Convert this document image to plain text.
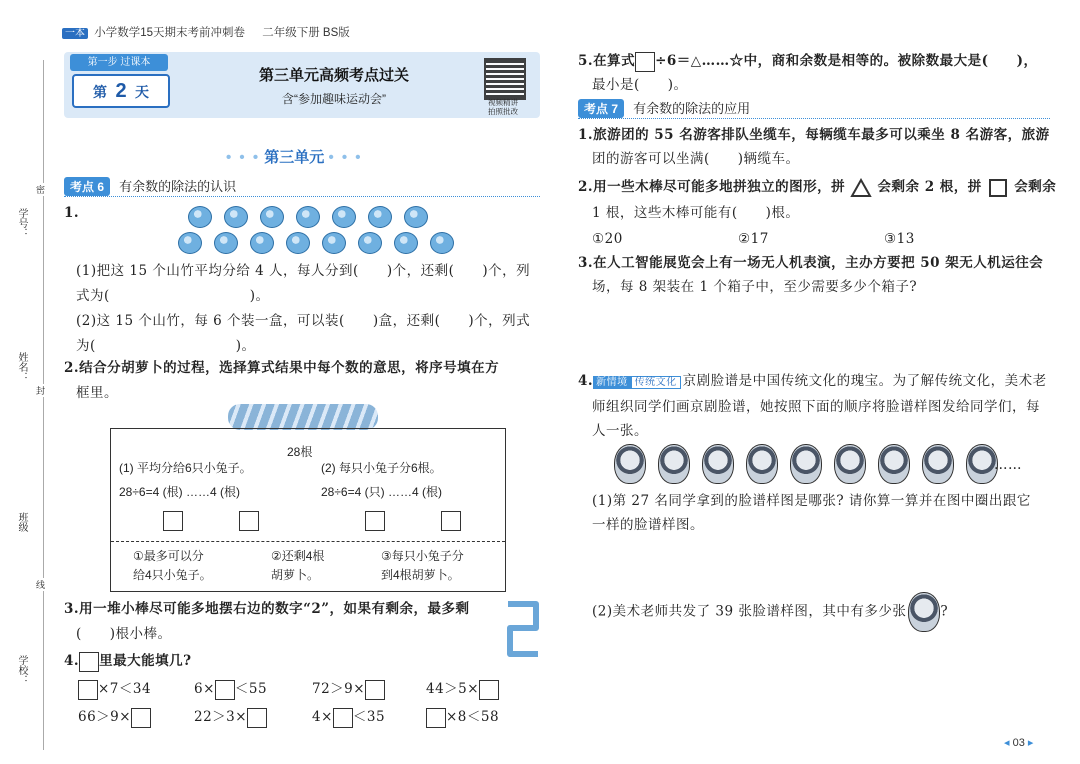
一本 小学数学15天期末考前冲刺卷 二年级下册 BS版
学号：
姓名：
班级
学校：
密
封
线
第一步 过课本
第 2 天
第三单元高频考点过关
含“参加趣味运动会”	视频精讲
拍照批改
• • • 第三单元 • • •
考点 6 有余数的除法的认识
1.
(1)把这 15 个山竹平均分给 4 人，每人分到(　　)个，还剩(　　)个，列
式为(　　　　　　　　　　)。
(2)这 15 个山竹，每 6 个装一盒，可以装(　　)盒，还剩(　　)个，列式
为(　　　　　　　　　　)。
2.结合分胡萝卜的过程，选择算式结果中每个数的意思，将序号填在方
框里。
28根
(1) 平均分给6只小兔子。
28÷6=4 (根) ……4 (根)
(2) 每只小兔子分6根。
28÷6=4 (只) ……4 (根)
①最多可以分
给4只小兔子。
②还剩4根
胡萝卜。
③每只小兔子分
到4根胡萝卜。
3.用一堆小棒尽可能多地摆右边的数字“2”，如果有剩余，最多剩
(　　)根小棒。
4. 里最大能填几?
×7＜34	6× ＜55	72＞9×	44＞5×
66＞9×	22＞3×	4× ＜35	×8＜58
5.在算式 ÷6＝△……☆中，商和余数是相等的。被除数最大是(　　)，
最小是(　　)。
考点 7 有余数的除法的应用
1.旅游团的 55 名游客排队坐缆车，每辆缆车最多可以乘坐 8 名游客，旅游
团的游客可以坐满(　　)辆缆车。
2.用一些木棒尽可能多地拼独立的图形，拼 会剩余 2 根，拼 会剩余
1 根，这些木棒可能有(　　)根。
①20	②17	③13
3.在人工智能展览会上有一场无人机表演，主办方要把 50 架无人机运往会
场，每 8 架装在 1 个箱子中，至少需要多少个箱子?
4. 新情境 传统文化 京剧脸谱是中国传统文化的瑰宝。为了解传统文化，美术老
师组织同学们画京剧脸谱，她按照下面的顺序将脸谱样图发给同学们，每
人一张。
……
(1)第 27 名同学拿到的脸谱样图是哪张? 请你算一算并在图中圈出跟它
一样的脸谱样图。
(2)美术老师共发了 39 张脸谱样图，其中有多少张	?
◂ 03 ▸
